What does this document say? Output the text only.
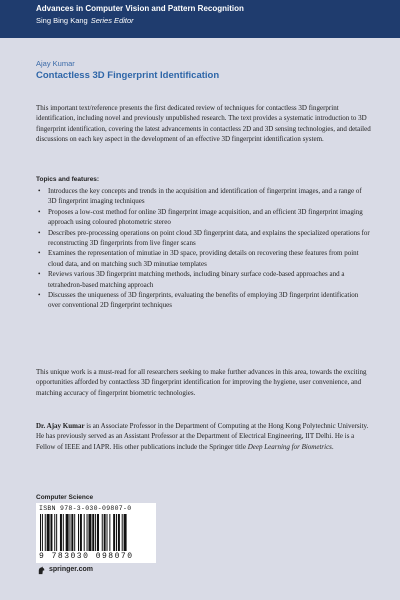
Advances in Computer Vision and Pattern Recognition
Sing Bing Kang Series Editor
Ajay Kumar
Contactless 3D Fingerprint Identification
This important text/reference presents the first dedicated review of techniques for contactless 3D fingerprint identification, including novel and previously unpublished research. The text provides a systematic introduction to 3D fingerprint identification, covering the latest advancements in contactless 2D and 3D sensing technologies, and detailed discussions on each key aspect in the development of an effective 3D fingerprint identification system.
Topics and features:
• Introduces the key concepts and trends in the acquisition and identification of fingerprint images, and a range of 3D fingerprint imaging techniques
• Proposes a low-cost method for online 3D fingerprint image acquisition, and an efficient 3D fingerprint imaging approach using coloured photometric stereo
• Describes pre-processing operations on point cloud 3D fingerprint data, and explains the specialized operations for reconstructing 3D fingerprints from live finger scans
• Examines the representation of minutiae in 3D space, providing details on recovering these features from point cloud data, and on matching such 3D minutiae templates
• Reviews various 3D fingerprint matching methods, including binary surface code-based approaches and a tetrahedron-based matching approach
• Discusses the uniqueness of 3D fingerprints, evaluating the benefits of employing 3D fingerprint identification over conventional 2D fingerprint techniques
This unique work is a must-read for all researchers seeking to make further advances in this area, towards the exciting opportunities afforded by contactless 3D fingerprint identification for improving the hygiene, user convenience, and matching accuracy of fingerprint biometric technologies.
Dr. Ajay Kumar is an Associate Professor in the Department of Computing at the Hong Kong Polytechnic University. He has previously served as an Assistant Professor at the Department of Electrical Engineering, IIT Delhi. He is a Fellow of IEEE and IAPR. His other publications include the Springer title Deep Learning for Biometrics.
Computer Science
ISBN 978-3-030-09807-0
9 783030 098070
springer.com
